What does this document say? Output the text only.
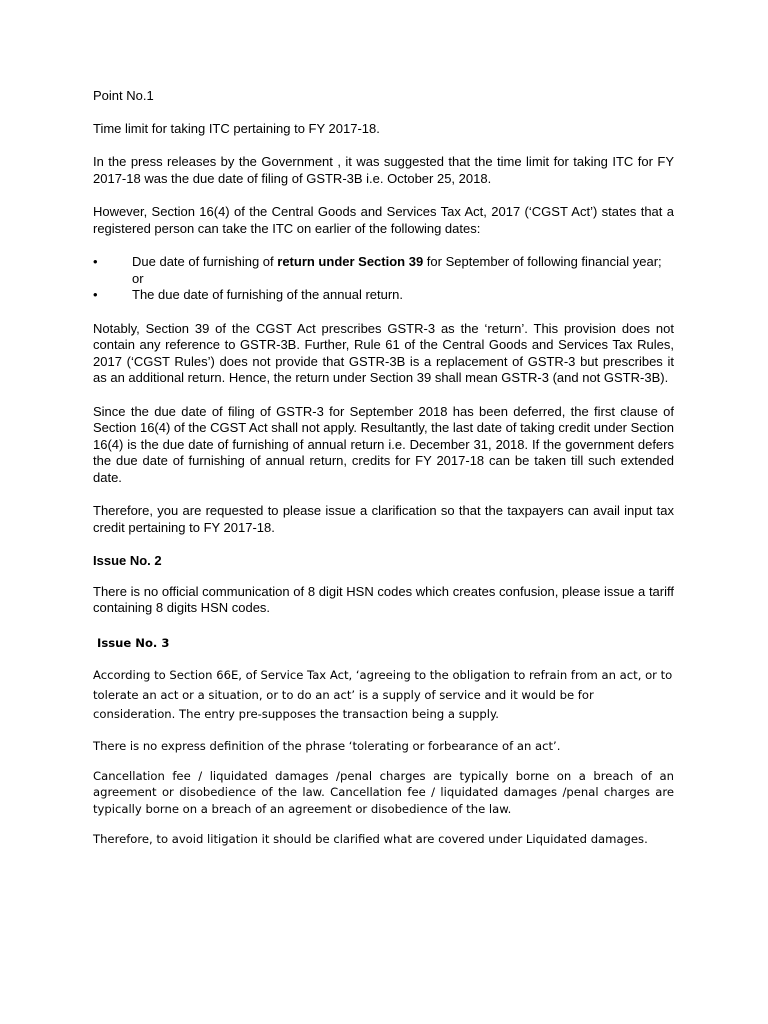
Point No.1

Time limit for taking ITC pertaining to FY 2017-18.

In the press releases by the Government , it was suggested that the time limit for taking ITC for FY 2017-18 was the due date of filing of GSTR-3B i.e. October 25, 2018.

However, Section 16(4) of the Central Goods and Services Tax Act, 2017 (‘CGST Act’) states that a registered person can take the ITC on earlier of the following dates:

•	Due date of furnishing of return under Section 39 for September of following financial year; or
•	The due date of furnishing of the annual return.

Notably, Section 39 of the CGST Act prescribes GSTR-3 as the ‘return’. This provision does not contain any reference to GSTR-3B. Further, Rule 61 of the Central Goods and Services Tax Rules, 2017 (‘CGST Rules’) does not provide that GSTR-3B is a replacement of GSTR-3 but prescribes it as an additional return. Hence, the return under Section 39 shall mean GSTR-3 (and not GSTR-3B).

Since the due date of filing of GSTR-3 for September 2018 has been deferred, the first clause of Section 16(4) of the CGST Act shall not apply. Resultantly, the last date of taking credit under Section 16(4) is the due date of furnishing of annual return i.e. December 31, 2018. If the government defers the due date of furnishing of annual return, credits for FY 2017-18 can be taken till such extended date.

Therefore, you are requested to please issue a clarification so that the taxpayers can avail input tax credit pertaining to FY 2017-18.

Issue No. 2

There is no official communication of 8 digit HSN codes which creates confusion, please issue a tariff containing 8 digits HSN codes.

Issue No. 3

According to Section 66E, of Service Tax Act, ‘agreeing to the obligation to refrain from an act, or to tolerate an act or a situation, or to do an act’ is a supply of service and it would be for consideration. The entry pre-supposes the transaction being a supply.

There is no express definition of the phrase ‘tolerating or forbearance of an act’.

Cancellation fee / liquidated damages /penal charges are typically borne on a breach of an agreement or disobedience of the law. Cancellation fee / liquidated damages /penal charges are typically borne on a breach of an agreement or disobedience of the law.

Therefore, to avoid litigation it should be clarified what are covered under Liquidated damages.
